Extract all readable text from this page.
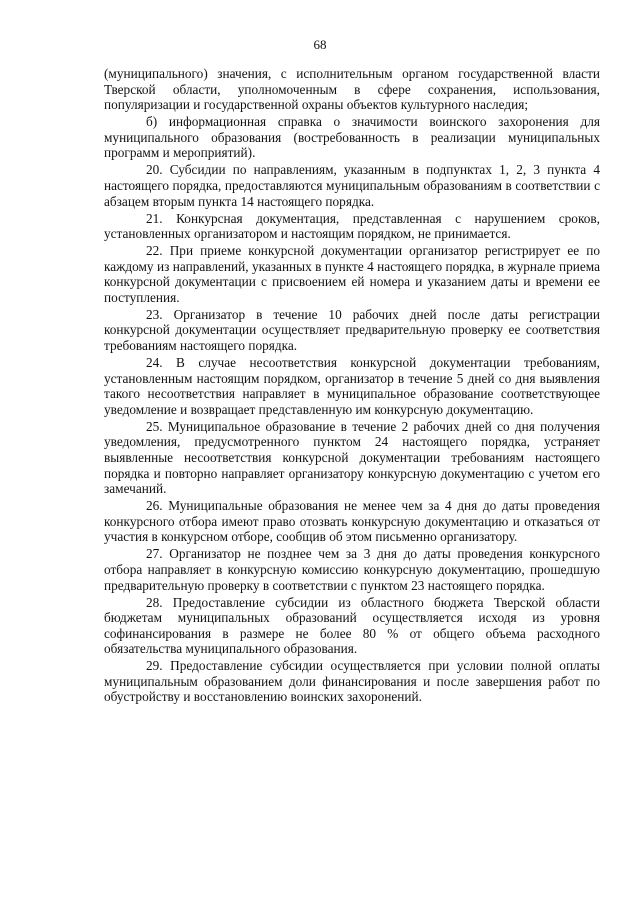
68

(муниципального) значения, с исполнительным органом государственной власти Тверской области, уполномоченным в сфере сохранения, использования, популяризации и государственной охраны объектов культурного наследия;

б) информационная справка о значимости воинского захоронения для муниципального образования (востребованность в реализации муниципальных программ и мероприятий).

20. Субсидии по направлениям, указанным в подпунктах 1, 2, 3 пункта 4 настоящего порядка, предоставляются муниципальным образованиям в соответствии с абзацем вторым пункта 14 настоящего порядка.

21. Конкурсная документация, представленная с нарушением сроков, установленных организатором и настоящим порядком, не принимается.

22. При приеме конкурсной документации организатор регистрирует ее по каждому из направлений, указанных в пункте 4 настоящего порядка, в журнале приема конкурсной документации с присвоением ей номера и указанием даты и времени ее поступления.

23. Организатор в течение 10 рабочих дней после даты регистрации конкурсной документации осуществляет предварительную проверку ее соответствия требованиям настоящего порядка.

24. В случае несоответствия конкурсной документации требованиям, установленным настоящим порядком, организатор в течение 5 дней со дня выявления такого несоответствия направляет в муниципальное образование соответствующее уведомление и возвращает представленную им конкурсную документацию.

25. Муниципальное образование в течение 2 рабочих дней со дня получения уведомления, предусмотренного пунктом 24 настоящего порядка, устраняет выявленные несоответствия конкурсной документации требованиям настоящего порядка и повторно направляет организатору конкурсную документацию с учетом его замечаний.

26. Муниципальные образования не менее чем за 4 дня до даты проведения конкурсного отбора имеют право отозвать конкурсную документацию и отказаться от участия в конкурсном отборе, сообщив об этом письменно организатору.

27. Организатор не позднее чем за 3 дня до даты проведения конкурсного отбора направляет в конкурсную комиссию конкурсную документацию, прошедшую предварительную проверку в соответствии с пунктом 23 настоящего порядка.

28. Предоставление субсидии из областного бюджета Тверской области бюджетам муниципальных образований осуществляется исходя из уровня софинансирования в размере не более 80 % от общего объема расходного обязательства муниципального образования.

29. Предоставление субсидии осуществляется при условии полной оплаты муниципальным образованием доли финансирования и после завершения работ по обустройству и восстановлению воинских захоронений.
